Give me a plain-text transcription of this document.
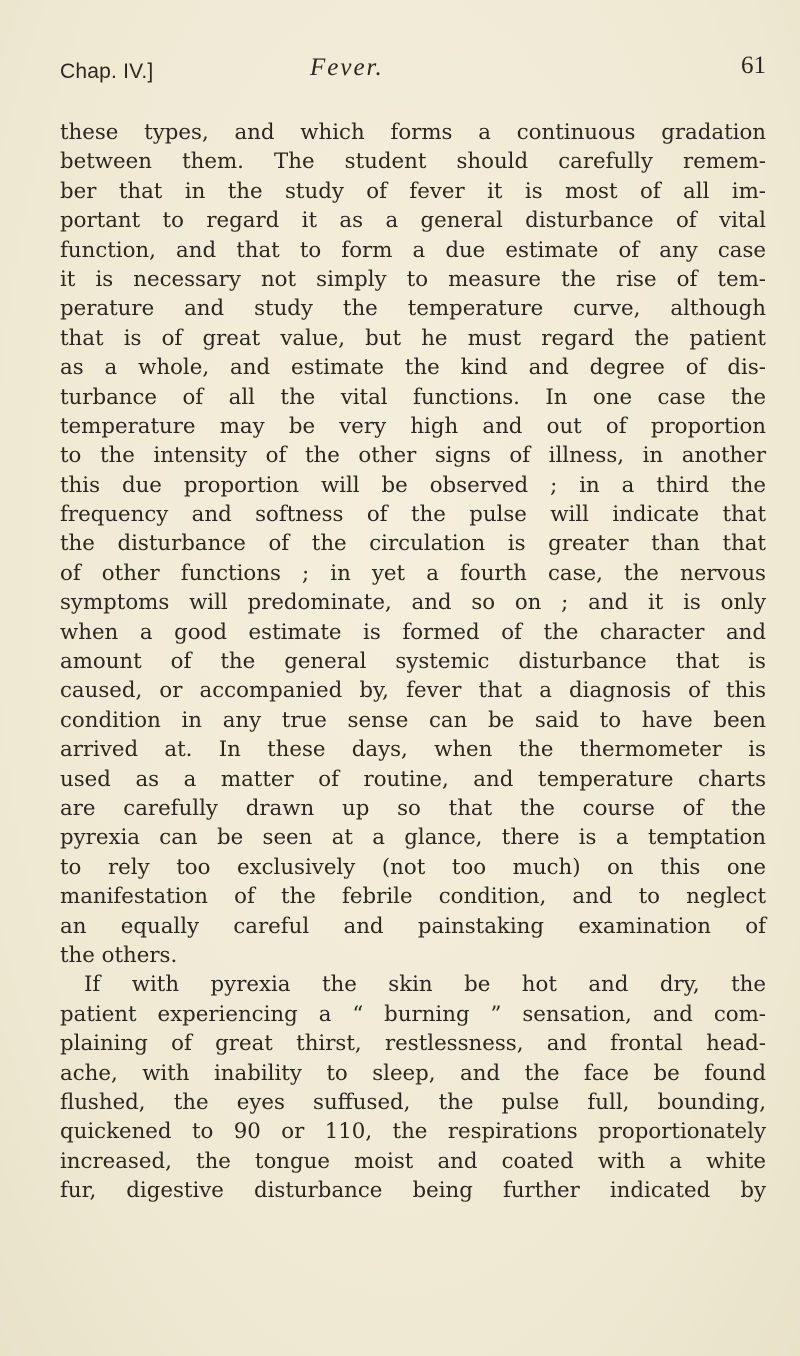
Chap. IV.]	Fever.	61
these types, and which forms a continuous gradation
between them. The student should carefully remem-
ber that in the study of fever it is most of all im-
portant to regard it as a general disturbance of vital
function, and that to form a due estimate of any case
it is necessary not simply to measure the rise of tem-
perature and study the temperature curve, although
that is of great value, but he must regard the patient
as a whole, and estimate the kind and degree of dis-
turbance of all the vital functions. In one case the
temperature may be very high and out of proportion
to the intensity of the other signs of illness, in another
this due proportion will be observed ; in a third the
frequency and softness of the pulse will indicate that
the disturbance of the circulation is greater than that
of other functions ; in yet a fourth case, the nervous
symptoms will predominate, and so on ; and it is only
when a good estimate is formed of the character and
amount of the general systemic disturbance that is
caused, or accompanied by, fever that a diagnosis of this
condition in any true sense can be said to have been
arrived at. In these days, when the thermometer is
used as a matter of routine, and temperature charts
are carefully drawn up so that the course of the
pyrexia can be seen at a glance, there is a temptation
to rely too exclusively (not too much) on this one
manifestation of the febrile condition, and to neglect
an equally careful and painstaking examination of
the others.
If with pyrexia the skin be hot and dry, the
patient experiencing a “ burning ” sensation, and com-
plaining of great thirst, restlessness, and frontal head-
ache, with inability to sleep, and the face be found
flushed, the eyes suffused, the pulse full, bounding,
quickened to 90 or 110, the respirations proportionately
increased, the tongue moist and coated with a white
fur, digestive disturbance being further indicated by
